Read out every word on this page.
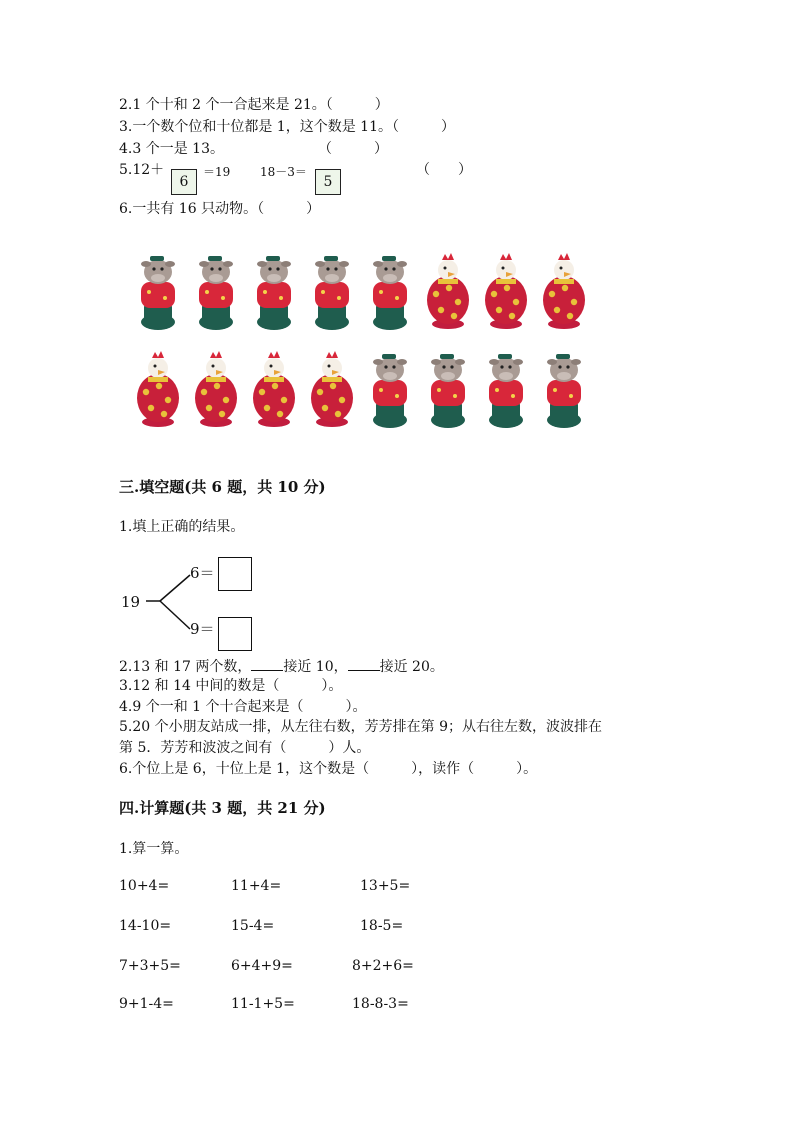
2.1 个十和 2 个一合起来是 21。（　　　）
3.一个数个位和十位都是 1，这个数是 11。（　　　）
4.3 个一是 13。	（　　　）
5.12＋
6
＝19 18－3＝
5
（　　）
6.一共有 16 只动物。（　　　）
三.填空题(共 6 题，共 10 分)
1.填上正确的结果。
19
6＝
9＝
2.13 和 17 两个数， 接近 10， 接近 20。
3.12 和 14 中间的数是（　　　）。
4.9 个一和 1 个十合起来是（　　　）。
5.20 个小朋友站成一排，从左往右数，芳芳排在第 9；从右往左数，波波排在
第 5．芳芳和波波之间有（　　　）人。
6.个位上是 6，十位上是 1，这个数是（　　　），读作（　　　）。
四.计算题(共 3 题，共 21 分)
1.算一算。
10+4=	11+4=	13+5=
14-10=	15-4=	18-5=
7+3+5=	6+4+9=	8+2+6=
9+1-4=	11-1+5=	18-8-3=
